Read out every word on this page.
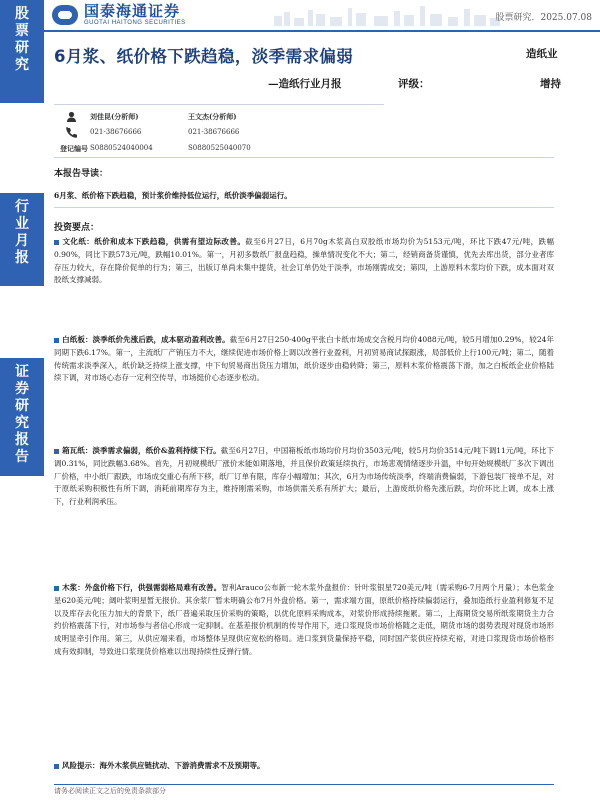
股
票
研
究
行
业
月
报
证
券
研
究
报
告
国泰海通证券
GUOTAI HAITONG SECURITIES	股票研究．2025.07.08
6月浆、纸价格下跌趋稳，淡季需求偏弱
—造纸行业月报
造纸业
评级：	增持
刘佳昆(分析师)	王文杰(分析师)
021-38676666	021-38676666
登记编号 S0880524040004	S0880525040070
本报告导读：
6月浆、纸价格下跌趋稳，预计浆价维持低位运行，纸价淡季偏弱运行。
投资要点：
文化纸：纸价和成本下跌趋稳，供需有望边际改善。截至6月27日，6月70g木浆高白双胶纸市场均价为5153元/吨，环比下跌47元/吨，跌幅0.90%，同比下跌573元/吨，跌幅10.01%。第一，月初多数纸厂报盘趋稳，操单情况变化不大；第二，经销商备货谨慎，优先去库出货，部分业者库存压力较大，存在降价促单的行为；第三，出版订单尚未集中提货，社会订单仍处于淡季，市场刚需成交；第四，上游原料木浆均价下跌，成本面对双胶纸支撑减弱。
白纸板：淡季纸价先涨后跌，成本驱动盈利改善。截至6月27日250-400g平张白卡纸市场成交含税月均价4088元/吨，较5月增加0.29%，较24年同期下跌6.17%。第一，主流纸厂产销压力不大，继续促进市场价格上调以改善行业盈利，月初贸易商试探跟涨，局部低价上行100元/吨；第二，随着传统需求淡季深入，纸价缺乏持续上涨支撑，中下旬贸易商出货压力增加，纸价逐步由稳转降；第三，原料木浆价格震荡下滑，加之白板纸企业价格陆续下调，对市场心态存一定利空传导，市场挺价心态逐步松动。
箱瓦纸：淡季需求偏弱，纸价&盈利持续下行。截至6月27日，中国箱板纸市场均价月均价3503元/吨，较5月均价3514元/吨下调11元/吨，环比下调0.31%，同比跌幅3.68%。首先，月初规模纸厂涨价未能如期落地，并且保价政策延续执行，市场悲观情绪逐步升温，中旬开始规模纸厂多次下调出厂价格，中小纸厂跟跌，市场成交重心有所下移，纸厂订单有限，库存小幅增加；其次，6月为市场传统淡季，终端消费偏弱，下游包装厂接单不足，对于原纸采购积极性有所下调，消耗前期库存为主，维持刚需采购，市场供需关系有所扩大；最后，上游废纸价格先涨后跌，均价环比上调，成本上涨下，行业利润承压。
木浆：外盘价格下行，供强需弱格局难有改善。智利Arauco公布新一轮木浆外盘报价：针叶浆银星720美元/吨（需采购6-7月两个月量）；本色浆金星620美元/吨；阔叶浆明星暂无报价。其余浆厂暂未明确公布7月外盘价格。第一，需求端方面，原纸价格持续偏弱运行，叠加造纸行业盈利修复不足以及库存去化压力加大的背景下，纸厂普遍采取压价采购的策略，以优化原料采购成本，对浆价形成持续拖累。第二，上海期货交易所纸浆期货主力合约价格震荡下行，对市场参与者信心形成一定抑制。在基差报价机制的传导作用下，进口浆现货市场价格随之走低，期货市场的弱势表现对现货市场形成明显牵引作用。第三，从供应端来看，市场整体呈现供应宽松的格局。进口浆到货量保持平稳，同时国产浆供应持续充裕，对进口浆现货市场价格形成有效抑制，导致进口浆现货价格难以出现持续性反弹行情。
风险提示：海外木浆供应链扰动、下游消费需求不及预期等。
请务必阅读正文之后的免责条款部分
